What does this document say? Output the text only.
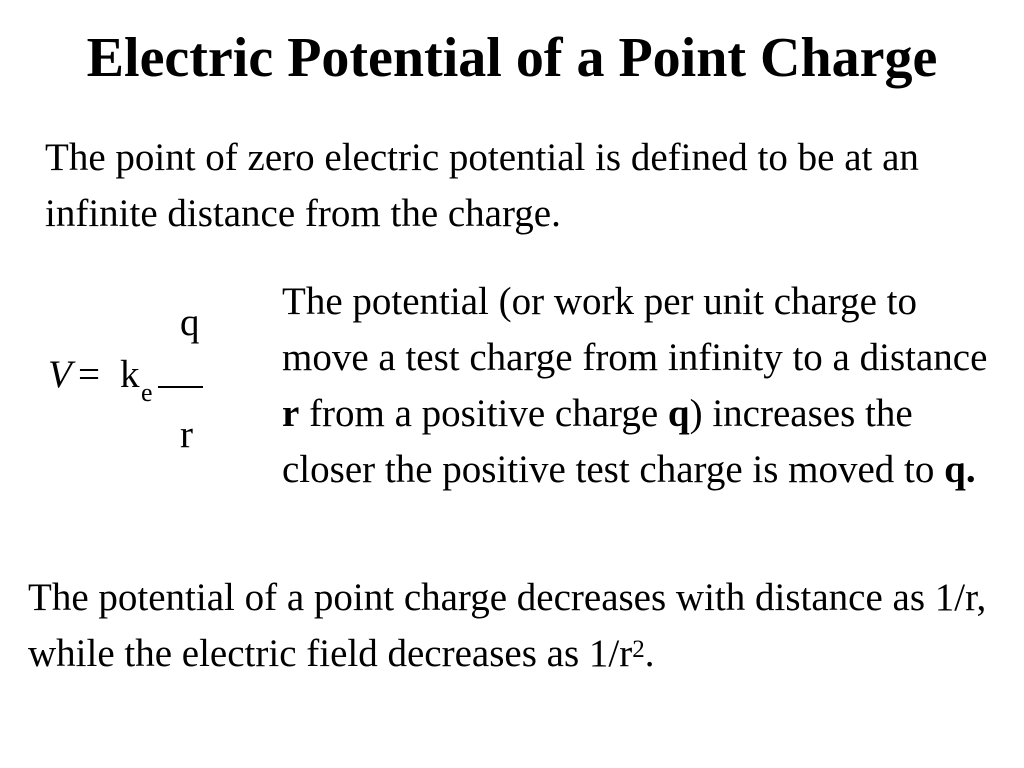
Electric Potential of a Point Charge

The point of zero electric potential is defined to be at an infinite distance from the charge.

V = k e
q
r

The potential (or work per unit charge to move a test charge from infinity to a distance r from a positive charge q) increases the closer the positive test charge is moved to q.

The potential of a point charge decreases with distance as 1/r, while the electric field decreases as $1/r^2$.
